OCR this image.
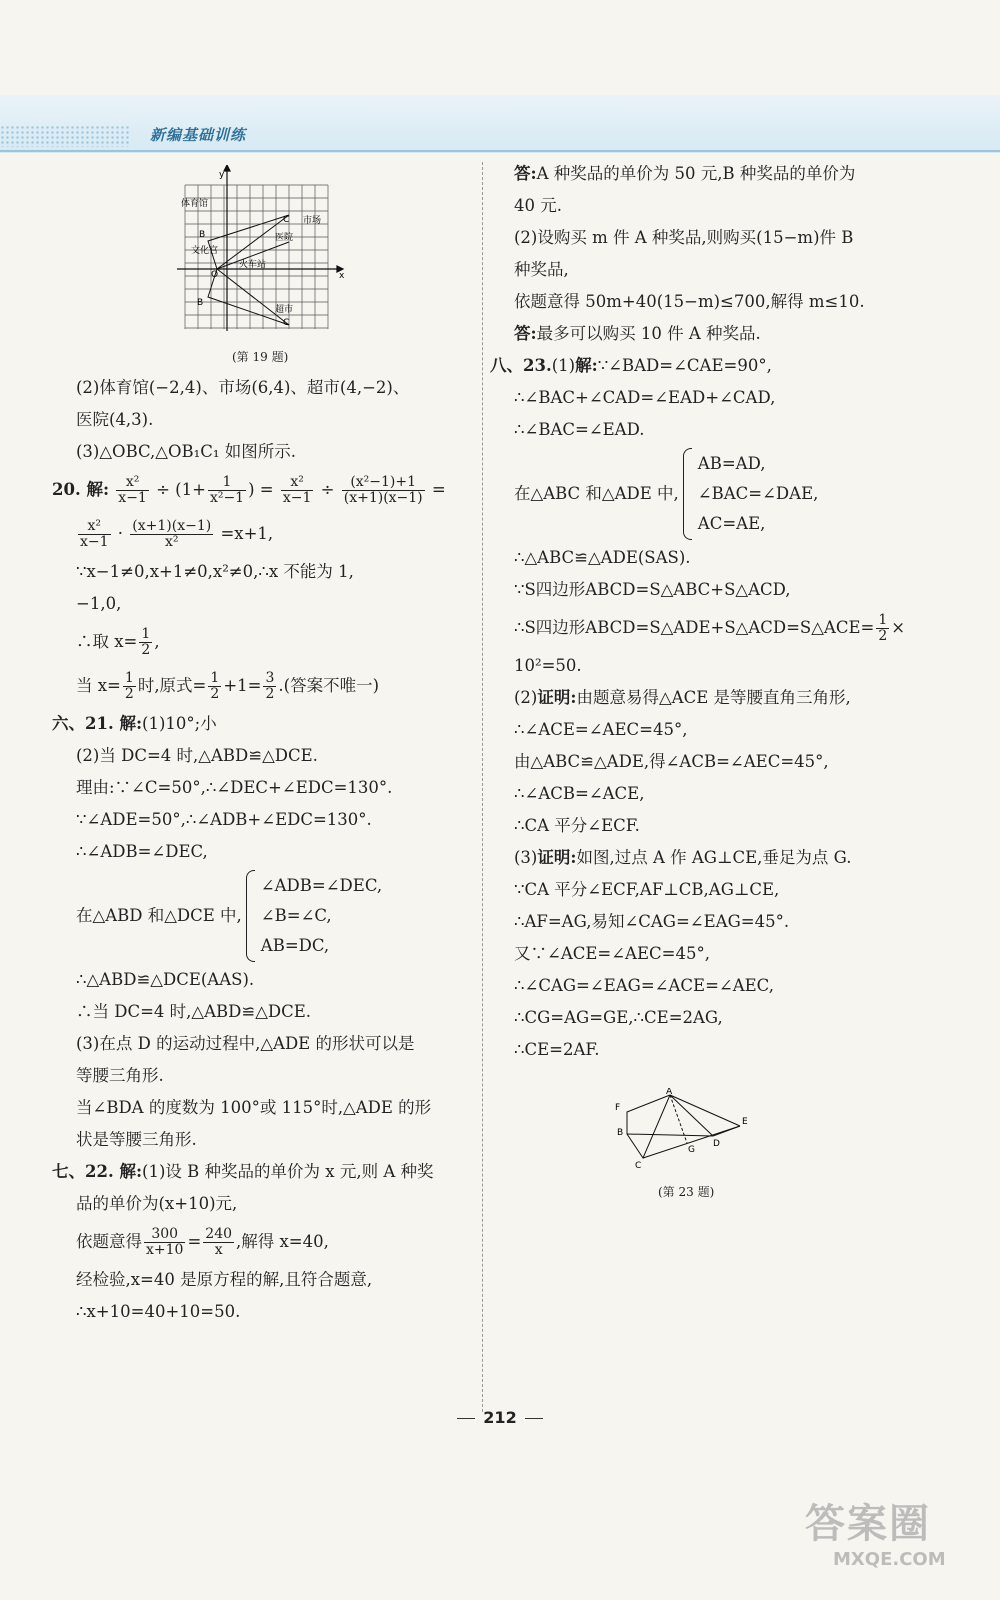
新编基础训练
y
x
O
体育馆
市场
文化宫
医院
火车站
超市
B
B
C
C
(第 19 题)
(2)体育馆(−2,4)、市场(6,4)、超市(4,−2)、
医院(4,3).
(3)△OBC,△OB₁C₁ 如图所示.
20. 解: $\frac{\text{x²}}{x-1} \div (1+ \frac{1}{\text{x²−1}}$ ) = $\frac{\text{x²}}{x-1} \div \frac{\text{(x²−1)+1}}{(x+1)(x-1)}$ =
$\frac{\text{x²}}{x-1} \cdot \frac{(x+1)(x-1)}{\text{x²}} =x+1$,
∵x−1≠0,x+1≠0,x²≠0,∴x 不能为 1,
−1,0,
∴取 $x= \frac{1}{2}$ ,
当 $x= \frac{1}{2}$ 时,原式= $\frac{1}{2} +1= \frac{3}{2}$ .(答案不唯一)
六、21. 解:(1)10°;小
(2)当 DC=4 时,△ABD≌△DCE.
理由:∵∠C=50°,∴∠DEC+∠EDC=130°.
∵∠ADE=50°,∴∠ADB+∠EDC=130°.
∴∠ADB=∠DEC,
在△ABD 和△DCE 中,
∠ADB=∠DEC,
∠B=∠C,
AB=DC,
∴△ABD≌△DCE(AAS).
∴当 DC=4 时,△ABD≌△DCE.
(3)在点 D 的运动过程中,△ADE 的形状可以是
等腰三角形.
当∠BDA 的度数为 100°或 115°时,△ADE 的形
状是等腰三角形.
七、22. 解:(1)设 B 种奖品的单价为 x 元,则 A 种奖
品的单价为(x+10)元,
依题意得 $\frac{300}{x+10} = \frac{240}{x}$ ,解得 x=40,
经检验,x=40 是原方程的解,且符合题意,
∴x+10=40+10=50.
答:A 种奖品的单价为 50 元,B 种奖品的单价为
40 元.
(2)设购买 m 件 A 种奖品,则购买(15−m)件 B
种奖品,
依题意得 50m+40(15−m)≤700,解得 m≤10.
答:最多可以购买 10 件 A 种奖品.
八、23.(1)解:∵∠BAD=∠CAE=90°,
∴∠BAC+∠CAD=∠EAD+∠CAD,
∴∠BAC=∠EAD.
在△ABC 和△ADE 中,
AB=AD,
∠BAC=∠DAE,
AC=AE,
∴△ABC≌△ADE(SAS).
∵S四边形ABCD=S△ABC+S△ACD,
∴S四边形ABCD=S△ADE+S△ACD=S△ACE= $\frac{1}{2}$ ×
10²=50.
(2)证明:由题意易得△ACE 是等腰直角三角形,
∴∠ACE=∠AEC=45°,
由△ABC≌△ADE,得∠ACB=∠AEC=45°,
∴∠ACB=∠ACE,
∴CA 平分∠ECF.
(3)证明:如图,过点 A 作 AG⊥CE,垂足为点 G.
∵CA 平分∠ECF,AF⊥CB,AG⊥CE,
∴AF=AG,易知∠CAG=∠EAG=45°.
又∵∠ACE=∠AEC=45°,
∴∠CAG=∠EAG=∠ACE=∠AEC,
∴CG=AG=GE,∴CE=2AG,
∴CE=2AF.
A
B
C
D
E
F
G
(第 23 题)
212
答案圈
MXQE.COM
